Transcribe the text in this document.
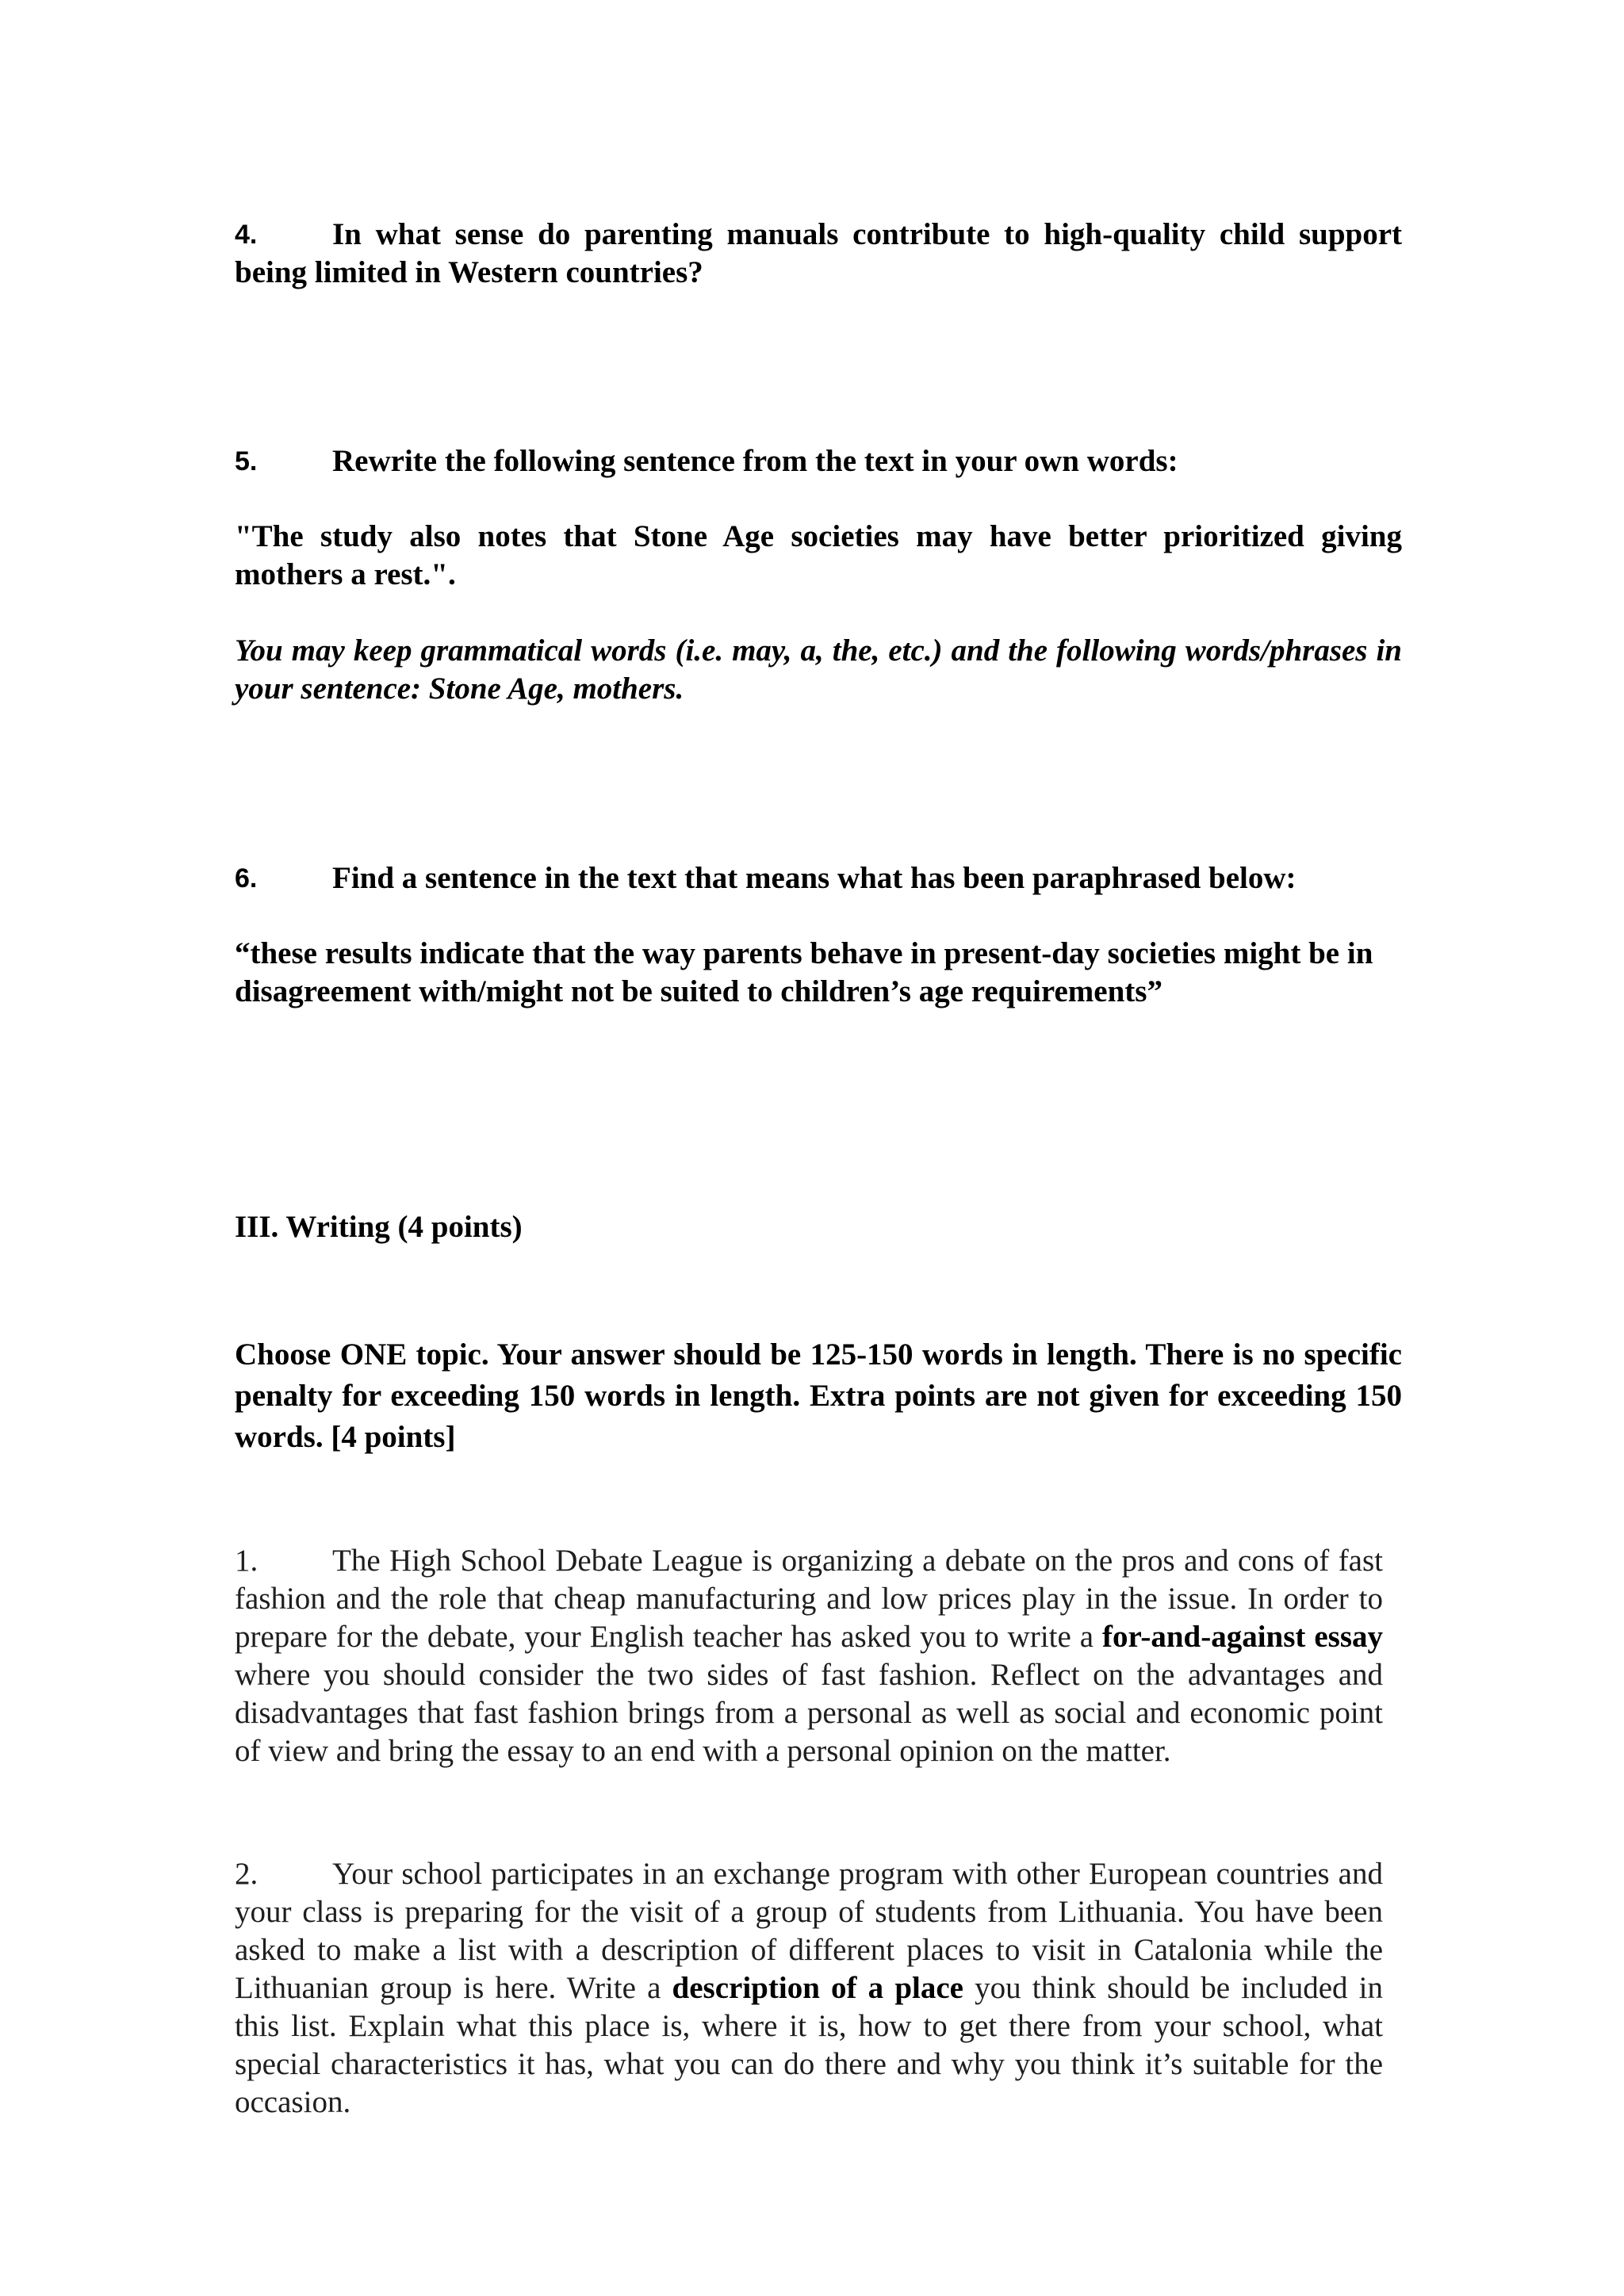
4.	In what sense do parenting manuals contribute to high-quality child support being limited in Western countries?
5.	Rewrite the following sentence from the text in your own words:
"The study also notes that Stone Age societies may have better prioritized giving mothers a rest.".
You may keep grammatical words (i.e. may, a, the, etc.) and the following words/phrases in your sentence: Stone Age, mothers.
6.	Find a sentence in the text that means what has been paraphrased below:
“these results indicate that the way parents behave in present-day societies might be in disagreement with/might not be suited to children’s age requirements”
III. Writing (4 points)
Choose ONE topic. Your answer should be 125-150 words in length. There is no specific penalty for exceeding 150 words in length. Extra points are not given for exceeding 150 words. [4 points]
1.	The High School Debate League is organizing a debate on the pros and cons of fast fashion and the role that cheap manufacturing and low prices play in the issue. In order to prepare for the debate, your English teacher has asked you to write a for-and-against essay where you should consider the two sides of fast fashion. Reflect on the advantages and disadvantages that fast fashion brings from a personal as well as social and economic point of view and bring the essay to an end with a personal opinion on the matter.
2.	Your school participates in an exchange program with other European countries and your class is preparing for the visit of a group of students from Lithuania. You have been asked to make a list with a description of different places to visit in Catalonia while the Lithuanian group is here. Write a description of a place you think should be included in this list. Explain what this place is, where it is, how to get there from your school, what special characteristics it has, what you can do there and why you think it’s suitable for the occasion.
